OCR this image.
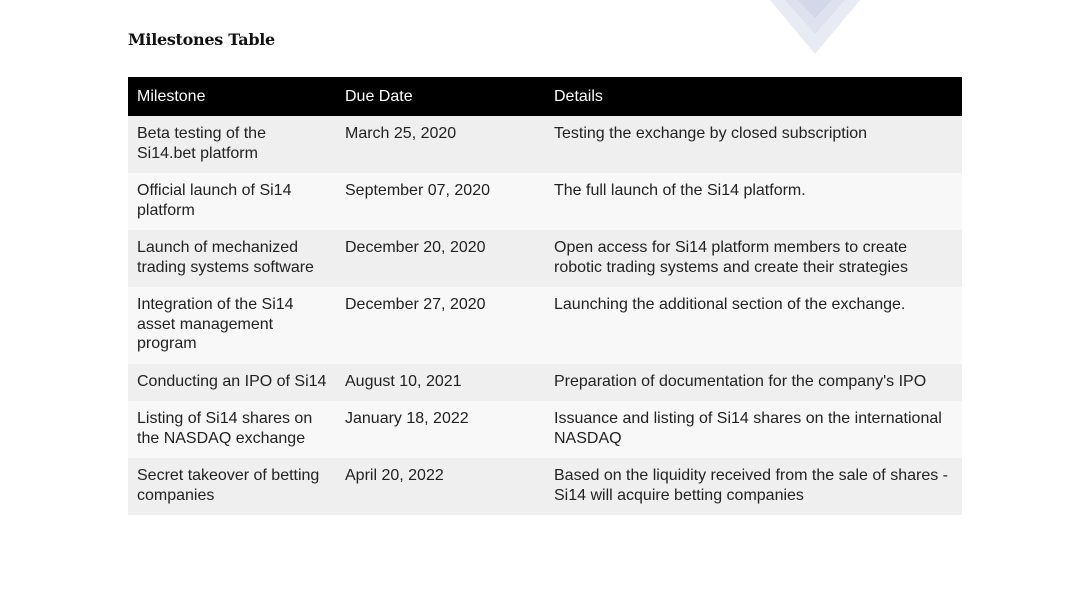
Milestones Table
Milestone	Due Date	Details
Beta testing of the Si14.bet platform	March 25, 2020	Testing the exchange by closed subscription
Official launch of Si14 platform	September 07, 2020	The full launch of the Si14 platform.
Launch of mechanized trading systems software	December 20, 2020	Open access for Si14 platform members to create robotic trading systems and create their strategies
Integration of the Si14 asset management program	December 27, 2020	Launching the additional section of the exchange.
Conducting an IPO of Si14	August 10, 2021	Preparation of documentation for the company's IPO
Listing of Si14 shares on the NASDAQ exchange	January 18, 2022	Issuance and listing of Si14 shares on the international NASDAQ
Secret takeover of betting companies	April 20, 2022	Based on the liquidity received from the sale of shares - Si14 will acquire betting companies
